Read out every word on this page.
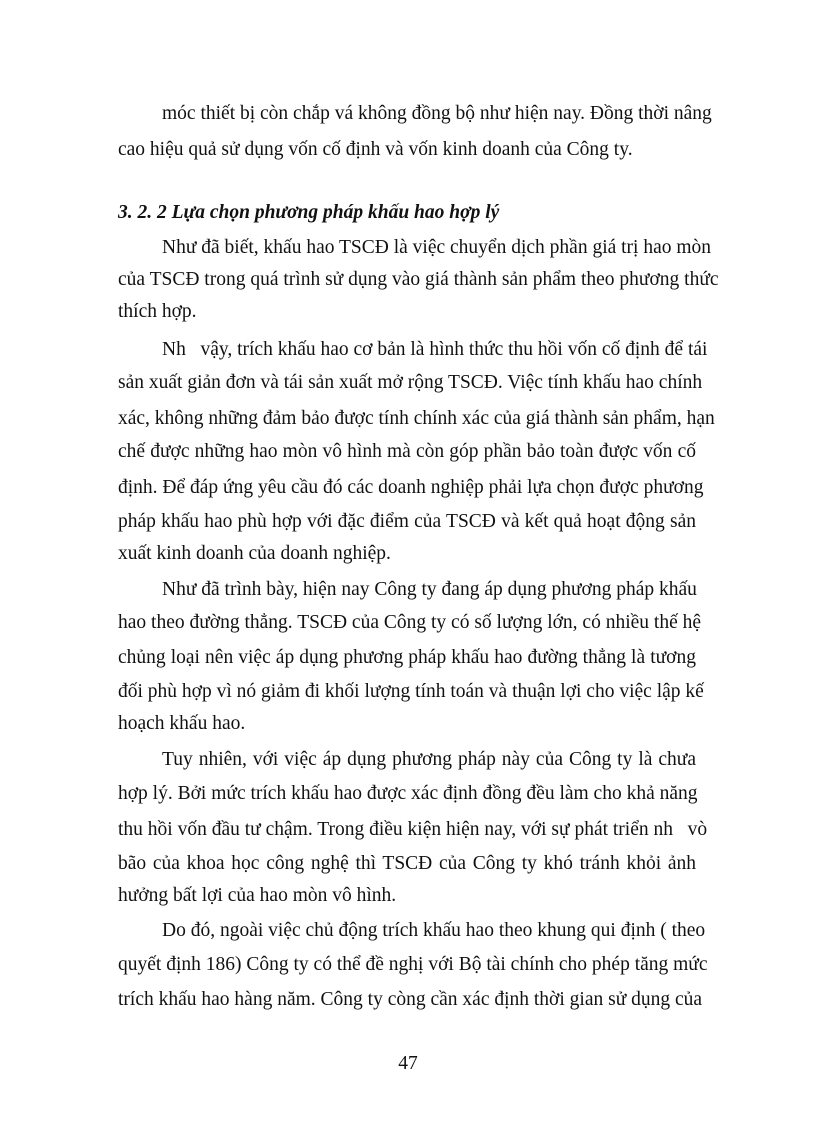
móc thiết bị còn chắp vá không đồng bộ như hiện nay. Đồng thời nâng
cao hiệu quả sử dụng vốn cố định và vốn kinh doanh của Công ty.
3. 2. 2 Lựa chọn phương pháp khấu hao hợp lý
Như đã biết, khấu hao TSCĐ là việc chuyển dịch phần giá trị hao mòn
của TSCĐ trong quá trình sử dụng vào giá thành sản phẩm theo phương thức
thích hợp.
Nh   vậy, trích khấu hao cơ bản là hình thức thu hồi vốn cố định để tái
sản xuất giản đơn và tái sản xuất mở rộng TSCĐ. Việc tính khấu hao chính
xác, không những đảm bảo được tính chính xác của giá thành sản phẩm, hạn
chế được những hao mòn vô hình mà còn góp phần bảo toàn được vốn cố
định. Để đáp ứng yêu cầu đó các doanh nghiệp phải lựa chọn được phương
pháp khấu hao phù hợp với đặc điểm của TSCĐ và kết quả hoạt động sản
xuất kinh doanh của doanh nghiệp.
Như đã trình bày, hiện nay Công ty đang áp dụng phương pháp khấu
hao theo đường thẳng. TSCĐ của Công ty có số lượng lớn, có nhiều thế hệ
chủng loại nên việc áp dụng phương pháp khấu hao đường thẳng là tương
đối phù hợp vì nó giảm đi khối lượng tính toán và thuận lợi cho việc lập kế
hoạch khấu hao.
Tuy nhiên, với việc áp dụng phương pháp này của Công ty là chưa
hợp lý. Bởi mức trích khấu hao được xác định đồng đều làm cho khả năng
thu hồi vốn đầu tư chậm. Trong điều kiện hiện nay, với sự phát triển nh   vò
bão của khoa học công nghệ thì TSCĐ của Công ty khó tránh khỏi ảnh
hưởng bất lợi của hao mòn vô hình.
Do đó, ngoài việc chủ động trích khấu hao theo khung qui định ( theo
quyết định 186) Công ty có thể đề nghị với Bộ tài chính cho phép tăng mức
trích khấu hao hàng năm. Công ty còng cần xác định thời gian sử dụng của
47
